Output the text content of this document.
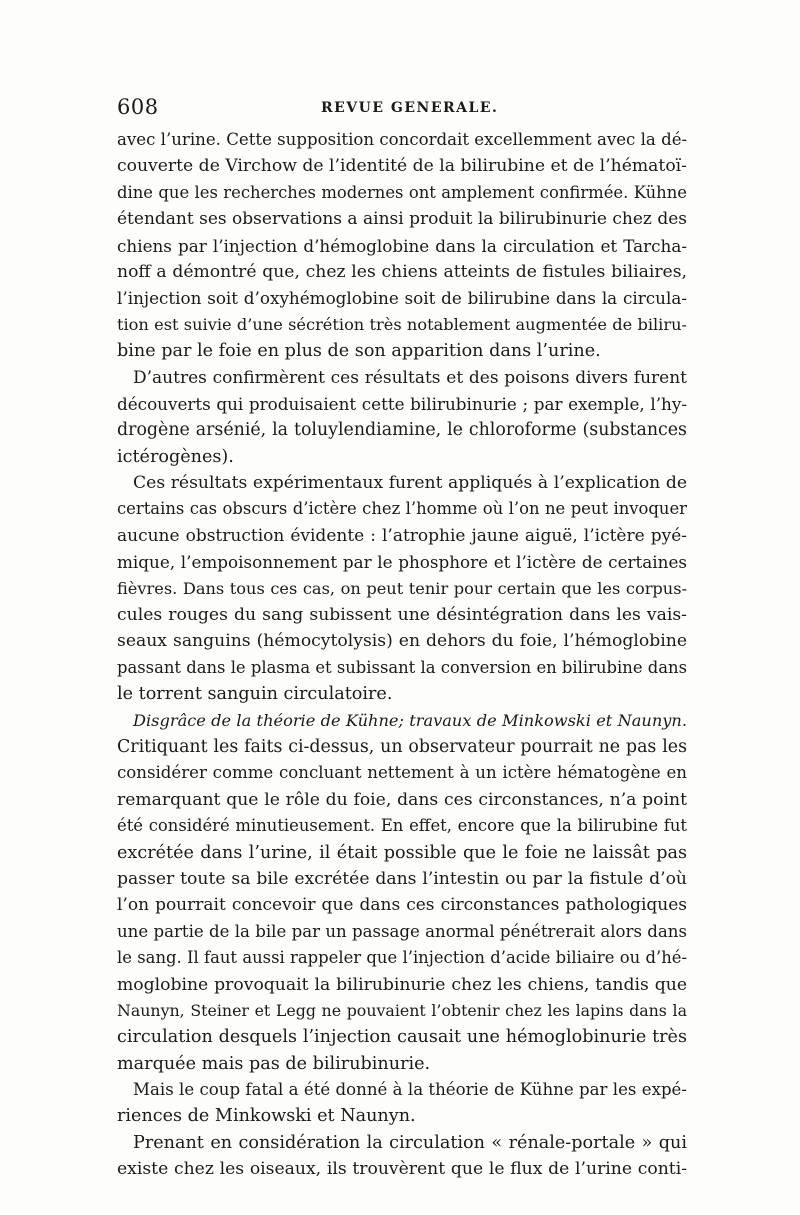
608	REVUE GENERALE.
avec l’urine. Cette supposition concordait excellemment avec la dé-
couverte de Virchow de l’identité de la bilirubine et de l’hématoï-
dine que les recherches modernes ont amplement confirmée. Kühne
étendant ses observations a ainsi produit la bilirubinurie chez des
chiens par l’injection d’hémoglobine dans la circulation et Tarcha-
noff a démontré que, chez les chiens atteints de fistules biliaires,
l’injection soit d’oxyhémoglobine soit de bilirubine dans la circula-
tion est suivie d’une sécrétion très notablement augmentée de biliru-
bine par le foie en plus de son apparition dans l’urine.
D’autres confirmèrent ces résultats et des poisons divers furent
découverts qui produisaient cette bilirubinurie ; par exemple, l’hy-
drogène arsénié, la toluylendiamine, le chloroforme (substances
ictérogènes).
Ces résultats expérimentaux furent appliqués à l’explication de
certains cas obscurs d’ictère chez l’homme où l’on ne peut invoquer
aucune obstruction évidente : l’atrophie jaune aiguë, l’ictère pyé-
mique, l’empoisonnement par le phosphore et l’ictère de certaines
fièvres. Dans tous ces cas, on peut tenir pour certain que les corpus-
cules rouges du sang subissent une désintégration dans les vais-
seaux sanguins (hémocytolysis) en dehors du foie, l’hémoglobine
passant dans le plasma et subissant la conversion en bilirubine dans
le torrent sanguin circulatoire.
Disgrâce de la théorie de Kühne; travaux de Minkowski et Naunyn.
Critiquant les faits ci-dessus, un observateur pourrait ne pas les
considérer comme concluant nettement à un ictère hématogène en
remarquant que le rôle du foie, dans ces circonstances, n’a point
été considéré minutieusement. En effet, encore que la bilirubine fut
excrétée dans l’urine, il était possible que le foie ne laissât pas
passer toute sa bile excrétée dans l’intestin ou par la fistule d’où
l’on pourrait concevoir que dans ces circonstances pathologiques
une partie de la bile par un passage anormal pénétrerait alors dans
le sang. Il faut aussi rappeler que l’injection d’acide biliaire ou d’hé-
moglobine provoquait la bilirubinurie chez les chiens, tandis que
Naunyn, Steiner et Legg ne pouvaient l’obtenir chez les lapins dans la
circulation desquels l’injection causait une hémoglobinurie très
marquée mais pas de bilirubinurie.
Mais le coup fatal a été donné à la théorie de Kühne par les expé-
riences de Minkowski et Naunyn.
Prenant en considération la circulation « rénale-portale » qui
existe chez les oiseaux, ils trouvèrent que le flux de l’urine conti-
